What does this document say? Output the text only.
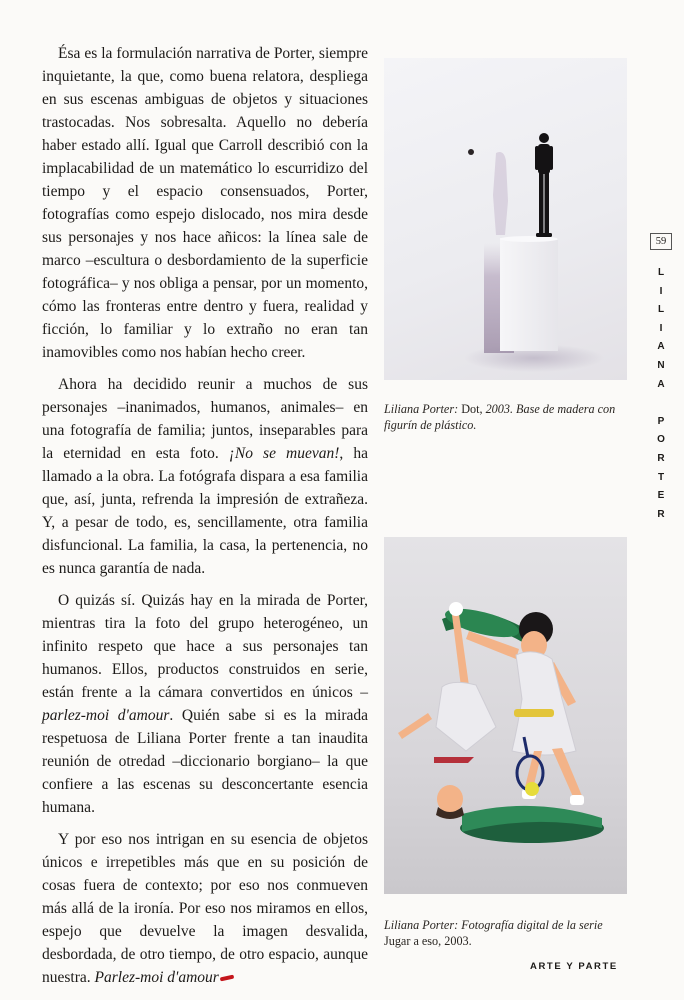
Ésa es la formulación narrativa de Porter, siempre inquietante, la que, como buena relatora, despliega en sus escenas ambiguas de objetos y situaciones trastocadas. Nos sobresalta. Aquello no debería haber estado allí. Igual que Carroll describió con la implacabilidad de un matemático lo escurridizo del tiempo y el espacio consensuados, Porter, fotografías como espejo dislocado, nos mira desde sus personajes y nos hace añicos: la línea sale de marco –escultura o desbordamiento de la superficie fotográfica– y nos obliga a pensar, por un momento, cómo las fronteras entre dentro y fuera, realidad y ficción, lo familiar y lo extraño no eran tan inamovibles como nos habían hecho creer.

Ahora ha decidido reunir a muchos de sus personajes –inanimados, humanos, animales– en una fotografía de familia; juntos, inseparables para la eternidad en esta foto. ¡No se muevan!, ha llamado a la obra. La fotógrafa dispara a esa familia que, así, junta, refrenda la impresión de extrañeza. Y, a pesar de todo, es, sencillamente, otra familia disfuncional. La familia, la casa, la pertenencia, no es nunca garantía de nada.

O quizás sí. Quizás hay en la mirada de Porter, mientras tira la foto del grupo heterogéneo, un infinito respeto que hace a sus personajes tan humanos. Ellos, productos construidos en serie, están frente a la cámara convertidos en únicos –parlez-moi d'amour. Quién sabe si es la mirada respetuosa de Liliana Porter frente a tan inaudita reunión de otredad –diccionario borgiano– la que confiere a las escenas su desconcertante esencia humana.

Y por eso nos intrigan en su esencia de objetos únicos e irrepetibles más que en su posición de cosas fuera de contexto; por eso nos conmueven más allá de la ironía. Por eso nos miramos en ellos, espejo que devuelve la imagen desvalida, desbordada, de otro tiempo, de otro espacio, aunque nuestra. Parlez-moi d'amour

Liliana Porter: Dot, 2003. Base de madera con figurín de plástico.
Liliana Porter: Fotografía digital de la serie Jugar a eso, 2003.
59
L
I
L
I
A
N
A
P
O
R
T
E
R
ARTE Y PARTE
